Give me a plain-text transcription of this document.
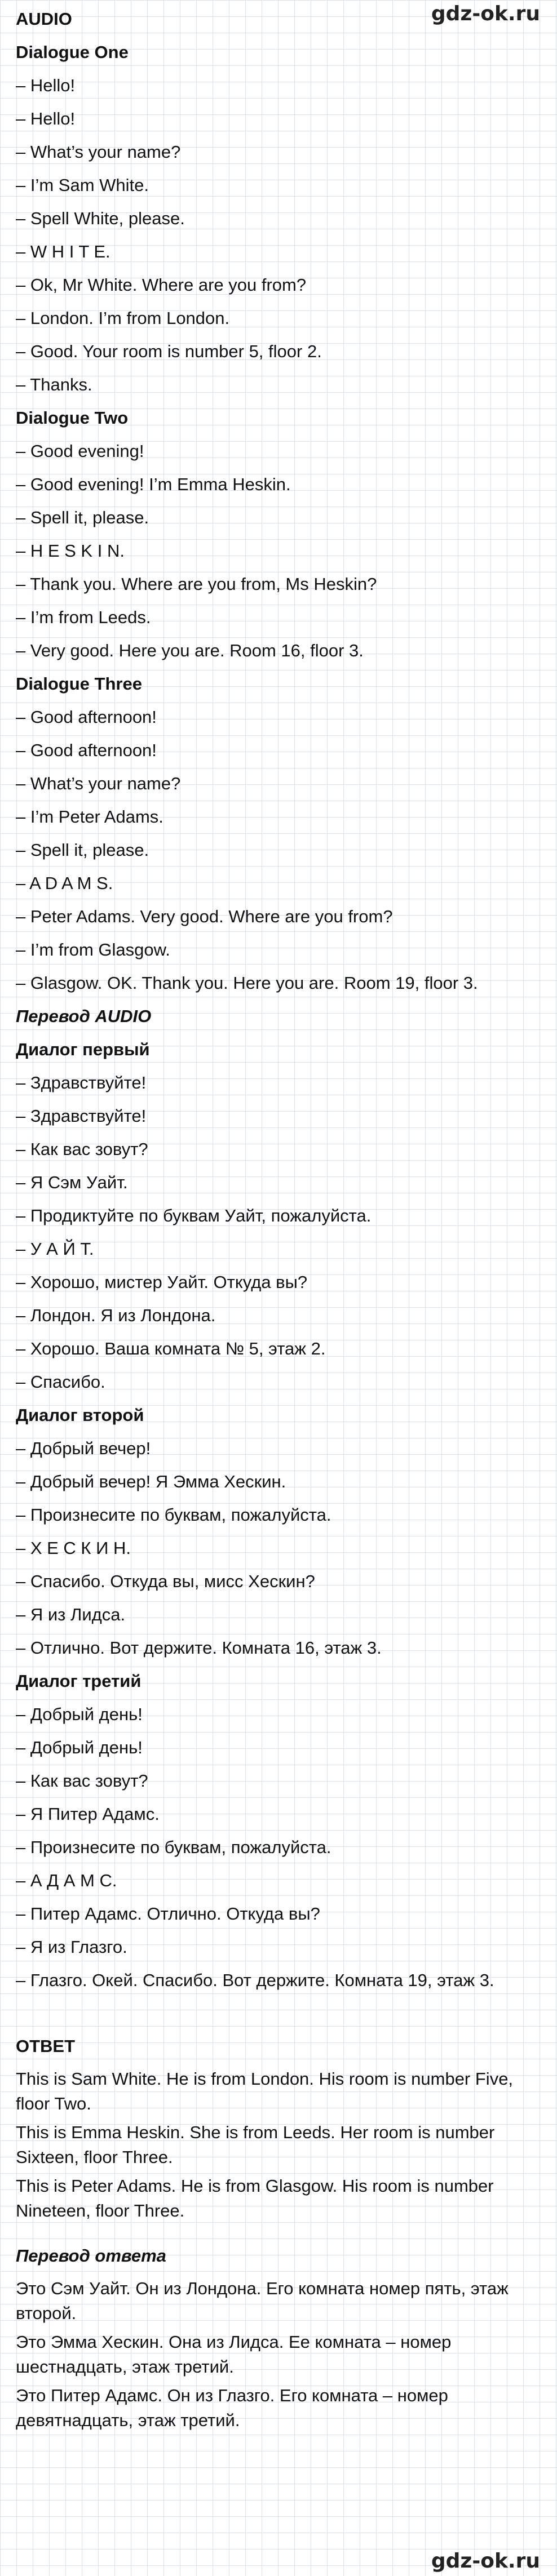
gdz-ok.ru

AUDIO

Dialogue One

– Hello!

– Hello!

– What’s your name?

– I’m Sam White.

– Spell White, please.

– W H I T E.

– Ok, Mr White. Where are you from?

– London. I’m from London.

– Good. Your room is number 5, floor 2.

– Thanks.

Dialogue Two

– Good evening!

– Good evening! I’m Emma Heskin.

– Spell it, please.

– H E S K I N.

– Thank you. Where are you from, Ms Heskin?

– I’m from Leeds.

– Very good. Here you are. Room 16, floor 3.

Dialogue Three

– Good afternoon!

– Good afternoon!

– What’s your name?

– I’m Peter Adams.

– Spell it, please.

– A D A M S.

– Peter Adams. Very good. Where are you from?

– I’m from Glasgow.

– Glasgow. OK. Thank you. Here you are. Room 19, floor 3.

Перевод AUDIO

Диалог первый

– Здравствуйте!

– Здравствуйте!

– Как вас зовут?

– Я Сэм Уайт.

– Продиктуйте по буквам Уайт, пожалуйста.

– У А Й Т.

– Хорошо, мистер Уайт. Откуда вы?

– Лондон. Я из Лондона.

– Хорошо. Ваша комната № 5, этаж 2.

– Спасибо.

Диалог второй

– Добрый вечер!

– Добрый вечер! Я Эмма Хескин.

– Произнесите по буквам, пожалуйста.

– Х Е С К И Н.

– Спасибо. Откуда вы, мисс Хескин?

– Я из Лидса.

– Отлично. Вот держите. Комната 16, этаж 3.

Диалог третий

– Добрый день!

– Добрый день!

– Как вас зовут?

– Я Питер Адамс.

– Произнесите по буквам, пожалуйста.

– А Д А М С.

– Питер Адамс. Отлично. Откуда вы?

– Я из Глазго.

– Глазго. Окей. Спасибо. Вот держите. Комната 19, этаж 3.

ОТВЕТ

This is Sam White. He is from London. His room is number Five, floor Two.

This is Emma Heskin. She is from Leeds. Her room is number Sixteen, floor Three.

This is Peter Adams. He is from Glasgow. His room is number Nineteen, floor Three.

Перевод ответа

Это Сэм Уайт. Он из Лондона. Его комната номер пять, этаж второй.

Это Эмма Хескин. Она из Лидса. Ее комната – номер шестнадцать, этаж третий.

Это Питер Адамс. Он из Глазго. Его комната – номер девятнадцать, этаж третий.

gdz-ok.ru
